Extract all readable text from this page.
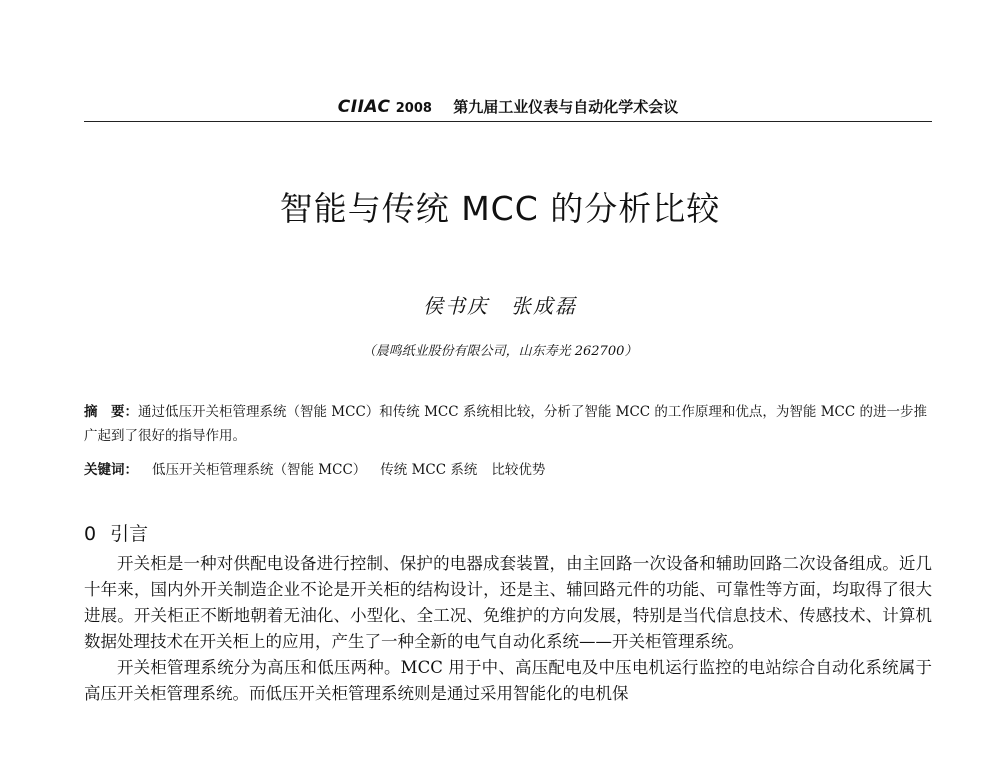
CIIAC 2008 第九届工业仪表与自动化学术会议
智能与传统 MCC 的分析比较
侯书庆　张成磊
（晨鸣纸业股份有限公司，山东寿光 262700）
摘　要：通过低压开关柜管理系统（智能 MCC）和传统 MCC 系统相比较，分析了智能 MCC 的工作原理和优点，为智能 MCC 的进一步推广起到了很好的指导作用。
关键词： 低压开关柜管理系统（智能 MCC） 传统 MCC 系统 比较优势
0 引言

开关柜是一种对供配电设备进行控制、保护的电器成套装置，由主回路一次设备和辅助回路二次设备组成。近几十年来，国内外开关制造企业不论是开关柜的结构设计，还是主、辅回路元件的功能、可靠性等方面，均取得了很大进展。开关柜正不断地朝着无油化、小型化、全工况、免维护的方向发展，特别是当代信息技术、传感技术、计算机数据处理技术在开关柜上的应用，产生了一种全新的电气自动化系统——开关柜管理系统。

开关柜管理系统分为高压和低压两种。MCC 用于中、高压配电及中压电机运行监控的电站综合自动化系统属于高压开关柜管理系统。而低压开关柜管理系统则是通过采用智能化的电机保
